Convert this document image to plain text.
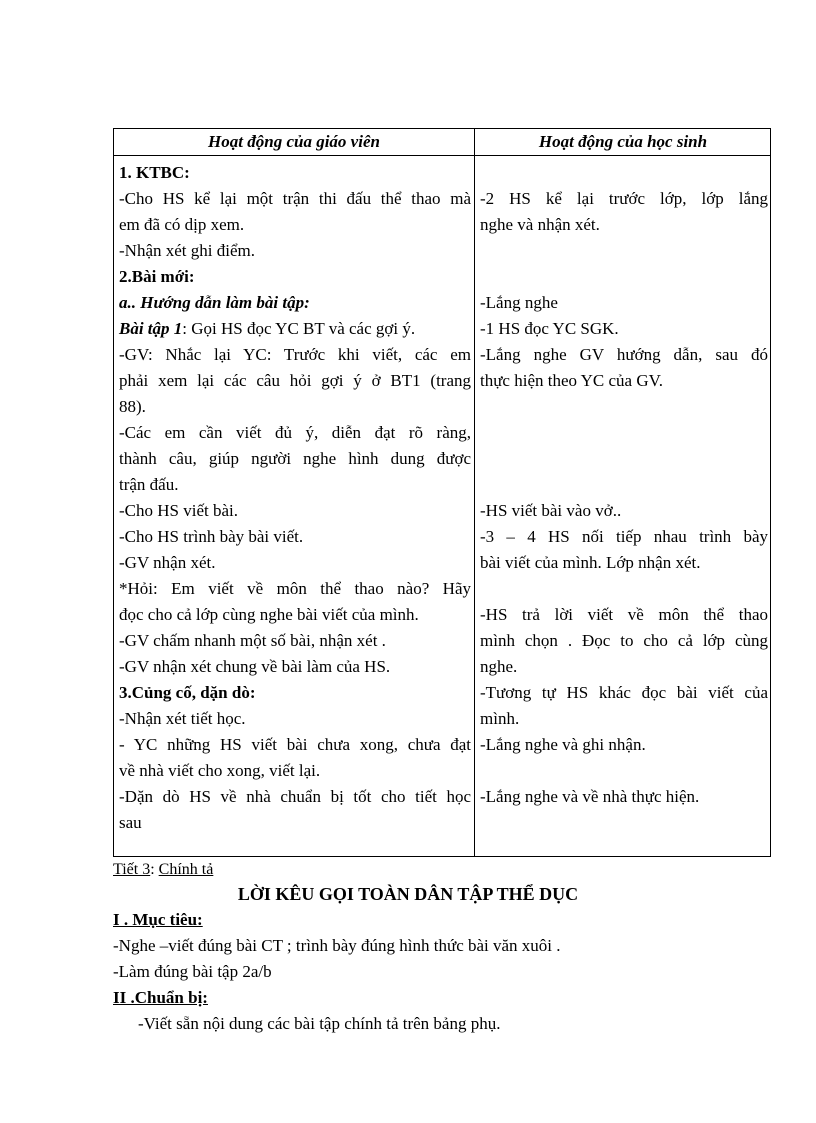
Hoạt động của giáo viên	Hoạt động của học sinh
1. KTBC:
-Cho HS kể lại một trận thi đấu thể thao mà
em đã có dịp xem.
-Nhận xét ghi điểm.
2.Bài mới:
a.. Hướng dẫn làm bài tập:
Bài tập 1: Gọi HS đọc YC BT và các gợi ý.
-GV: Nhắc lại YC: Trước khi viết, các em
phải xem lại các câu hỏi gợi ý ở BT1 (trang
88).
-Các em cần viết đủ ý, diễn đạt rõ ràng,
thành câu, giúp người nghe hình dung được
trận đấu.
-Cho HS viết bài.
-Cho HS trình bày bài viết.
-GV nhận xét.
*Hỏi: Em viết về môn thể thao nào? Hãy
đọc cho cả lớp cùng nghe bài viết của mình.
-GV chấm nhanh một số bài, nhận xét .
-GV nhận xét chung về bài làm của HS.
3.Củng cố, dặn dò:
-Nhận xét tiết học.
- YC những HS viết bài chưa xong, chưa đạt
về nhà viết cho xong, viết lại.
-Dặn dò HS về nhà chuẩn bị tốt cho tiết học
sau
-2 HS kể lại trước lớp, lớp lắng
nghe và nhận xét.
-Lắng nghe
-1 HS đọc YC SGK.
-Lắng nghe GV hướng dẫn, sau đó
thực hiện theo YC của GV.
-HS viết bài vào vở..
-3 – 4 HS nối tiếp nhau trình bày
bài viết của mình. Lớp nhận xét.
-HS trả lời viết về môn thể thao
mình chọn . Đọc to cho cả lớp cùng
nghe.
-Tương tự HS khác đọc bài viết của
mình.
-Lắng nghe và ghi nhận.
-Lắng nghe và về nhà thực hiện.
Tiết 3: Chính tả
LỜI KÊU GỌI TOÀN DÂN TẬP THỂ DỤC
I . Mục tiêu:
-Nghe –viết đúng bài CT ; trình bày đúng hình thức bài văn xuôi .
-Làm đúng bài tập 2a/b
II .Chuẩn bị:
-Viết sẵn nội dung các bài tập chính tả trên bảng phụ.
